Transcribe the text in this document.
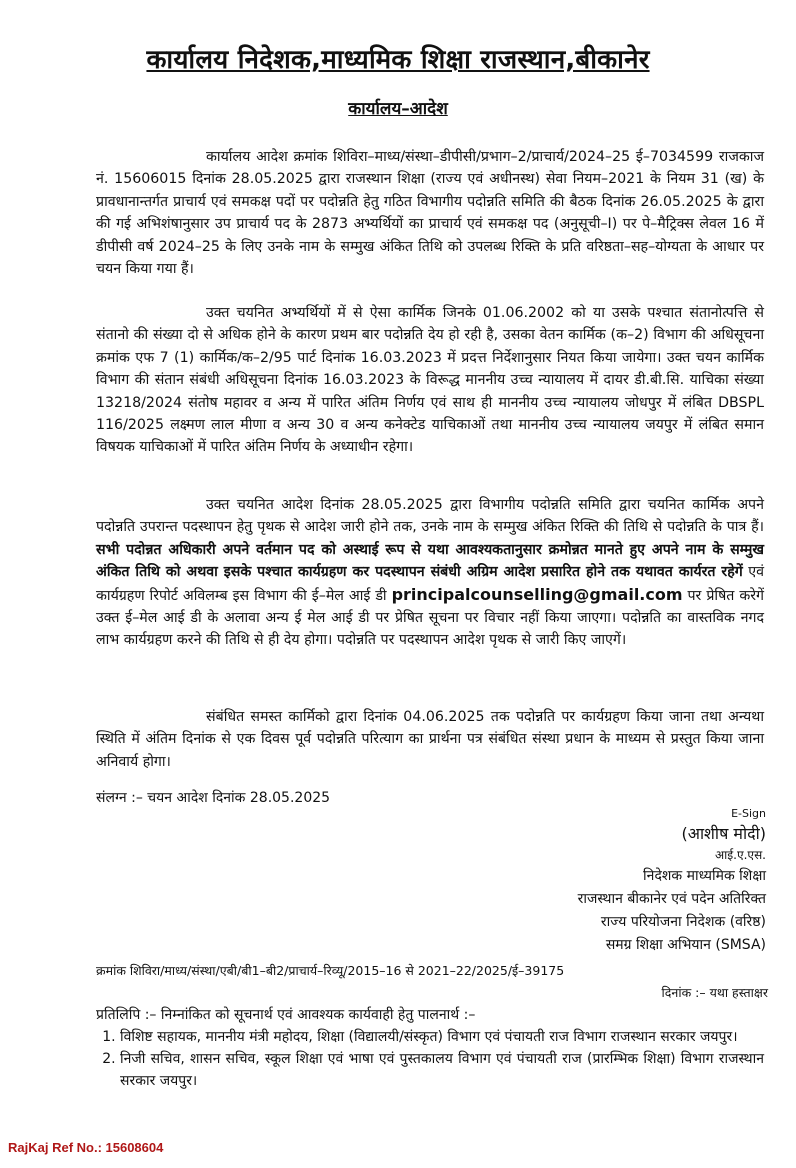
कार्यालय निदेशक,माध्यमिक शिक्षा राजस्थान,बीकानेर
कार्यालय–आदेश

कार्यालय आदेश क्रमांक शिविरा–माध्य/संस्था–डीपीसी/प्रभाग–2/प्राचार्य/2024–25 ई–7034599 राजकाज नं. 15606015 दिनांक 28.05.2025 द्वारा राजस्थान शिक्षा (राज्य एवं अधीनस्थ) सेवा नियम–2021 के नियम 31 (ख) के प्रावधानान्तर्गत प्राचार्य एवं समकक्ष पदों पर पदोन्नति हेतु गठित विभागीय पदोन्नति समिति की बैठक दिनांक 26.05.2025 के द्वारा की गई अभिशंषानुसार उप प्राचार्य पद के 2873 अभ्यर्थियों का प्राचार्य एवं समकक्ष पद (अनुसूची–I) पर पे–मैट्रिक्स लेवल 16 में डीपीसी वर्ष 2024–25 के लिए उनके नाम के सम्मुख अंकित तिथि को उपलब्ध रिक्ति के प्रति वरिष्ठता–सह–योग्यता के आधार पर चयन किया गया हैं।

उक्त चयनित अभ्यर्थियों में से ऐसा कार्मिक जिनके 01.06.2002 को या उसके पश्चात संतानोत्पत्ति से संतानो की संख्या दो से अधिक होने के कारण प्रथम बार पदोन्नति देय हो रही है, उसका वेतन कार्मिक (क–2) विभाग की अधिसूचना क्रमांक एफ 7 (1) कार्मिक/क–2/95 पार्ट दिनांक 16.03.2023 में प्रदत्त निर्देशानुसार नियत किया जायेगा। उक्त चयन कार्मिक विभाग की संतान संबंधी अधिसूचना दिनांक 16.03.2023 के विरूद्ध माननीय उच्च न्यायालय में दायर डी.बी.सि. याचिका संख्या 13218/2024 संतोष महावर व अन्य में पारित अंतिम निर्णय एवं साथ ही माननीय उच्च न्यायालय जोधपुर में लंबित DBSPL 116/2025 लक्ष्मण लाल मीणा व अन्य 30 व अन्य कनेक्टेड याचिकाओं तथा माननीय उच्च न्यायालय जयपुर में लंबित समान विषयक याचिकाओं में पारित अंतिम निर्णय के अध्याधीन रहेगा।

उक्त चयनित आदेश दिनांक 28.05.2025 द्वारा विभागीय पदोन्नति समिति द्वारा चयनित कार्मिक अपने पदोन्नति उपरान्त पदस्थापन हेतु पृथक से आदेश जारी होने तक, उनके नाम के सम्मुख अंकित रिक्ति की तिथि से पदोन्नति के पात्र हैं। सभी पदोन्नत अधिकारी अपने वर्तमान पद को अस्थाई रूप से यथा आवश्यकतानुसार क्रमोन्नत मानते हुए अपने नाम के सम्मुख अंकित तिथि को अथवा इसके पश्चात कार्यग्रहण कर पदस्थापन संबंधी अग्रिम आदेश प्रसारित होने तक यथावत कार्यरत रहेगें एवं कार्यग्रहण रिपोर्ट अविलम्ब इस विभाग की ई–मेल आई डी principalcounselling@gmail.com पर प्रेषित करेगें उक्त ई–मेल आई डी के अलावा अन्य ई मेल आई डी पर प्रेषित सूचना पर विचार नहीं किया जाएगा। पदोन्नति का वास्तविक नगद लाभ कार्यग्रहण करने की तिथि से ही देय होगा। पदोन्नति पर पदस्थापन आदेश पृथक से जारी किए जाएगें।

संबंधित समस्त कार्मिको द्वारा दिनांक 04.06.2025 तक पदोन्नति पर कार्यग्रहण किया जाना तथा अन्यथा स्थिति में अंतिम दिनांक से एक दिवस पूर्व पदोन्नति परित्याग का प्रार्थना पत्र संबंधित संस्था प्रधान के माध्यम से प्रस्तुत किया जाना अनिवार्य होगा।

संलग्न :– चयन आदेश दिनांक 28.05.2025
E-Sign
(आशीष मोदी)
आई.ए.एस.
निदेशक माध्यमिक शिक्षा
राजस्थान बीकानेर एवं पदेन अतिरिक्त
राज्य परियोजना निदेशक (वरिष्ठ)
समग्र शिक्षा अभियान (SMSA)
क्रमांक शिविरा/माध्य/संस्था/एबी/बी1–बी2/प्राचार्य–रिव्यू/2015–16 से 2021–22/2025/ई–39175
दिनांक :– यथा हस्ताक्षर
प्रतिलिपि :– निम्नांकित को सूचनार्थ एवं आवश्यक कार्यवाही हेतु पालनार्थ :–
1. विशिष्ट सहायक, माननीय मंत्री महोदय, शिक्षा (विद्यालयी/संस्कृत) विभाग एवं पंचायती राज विभाग राजस्थान सरकार जयपुर।
2. निजी सचिव, शासन सचिव, स्कूल शिक्षा एवं भाषा एवं पुस्तकालय विभाग एवं पंचायती राज (प्रारम्भिक शिक्षा) विभाग राजस्थान सरकार जयपुर।
RajKaj Ref No.: 15608604
